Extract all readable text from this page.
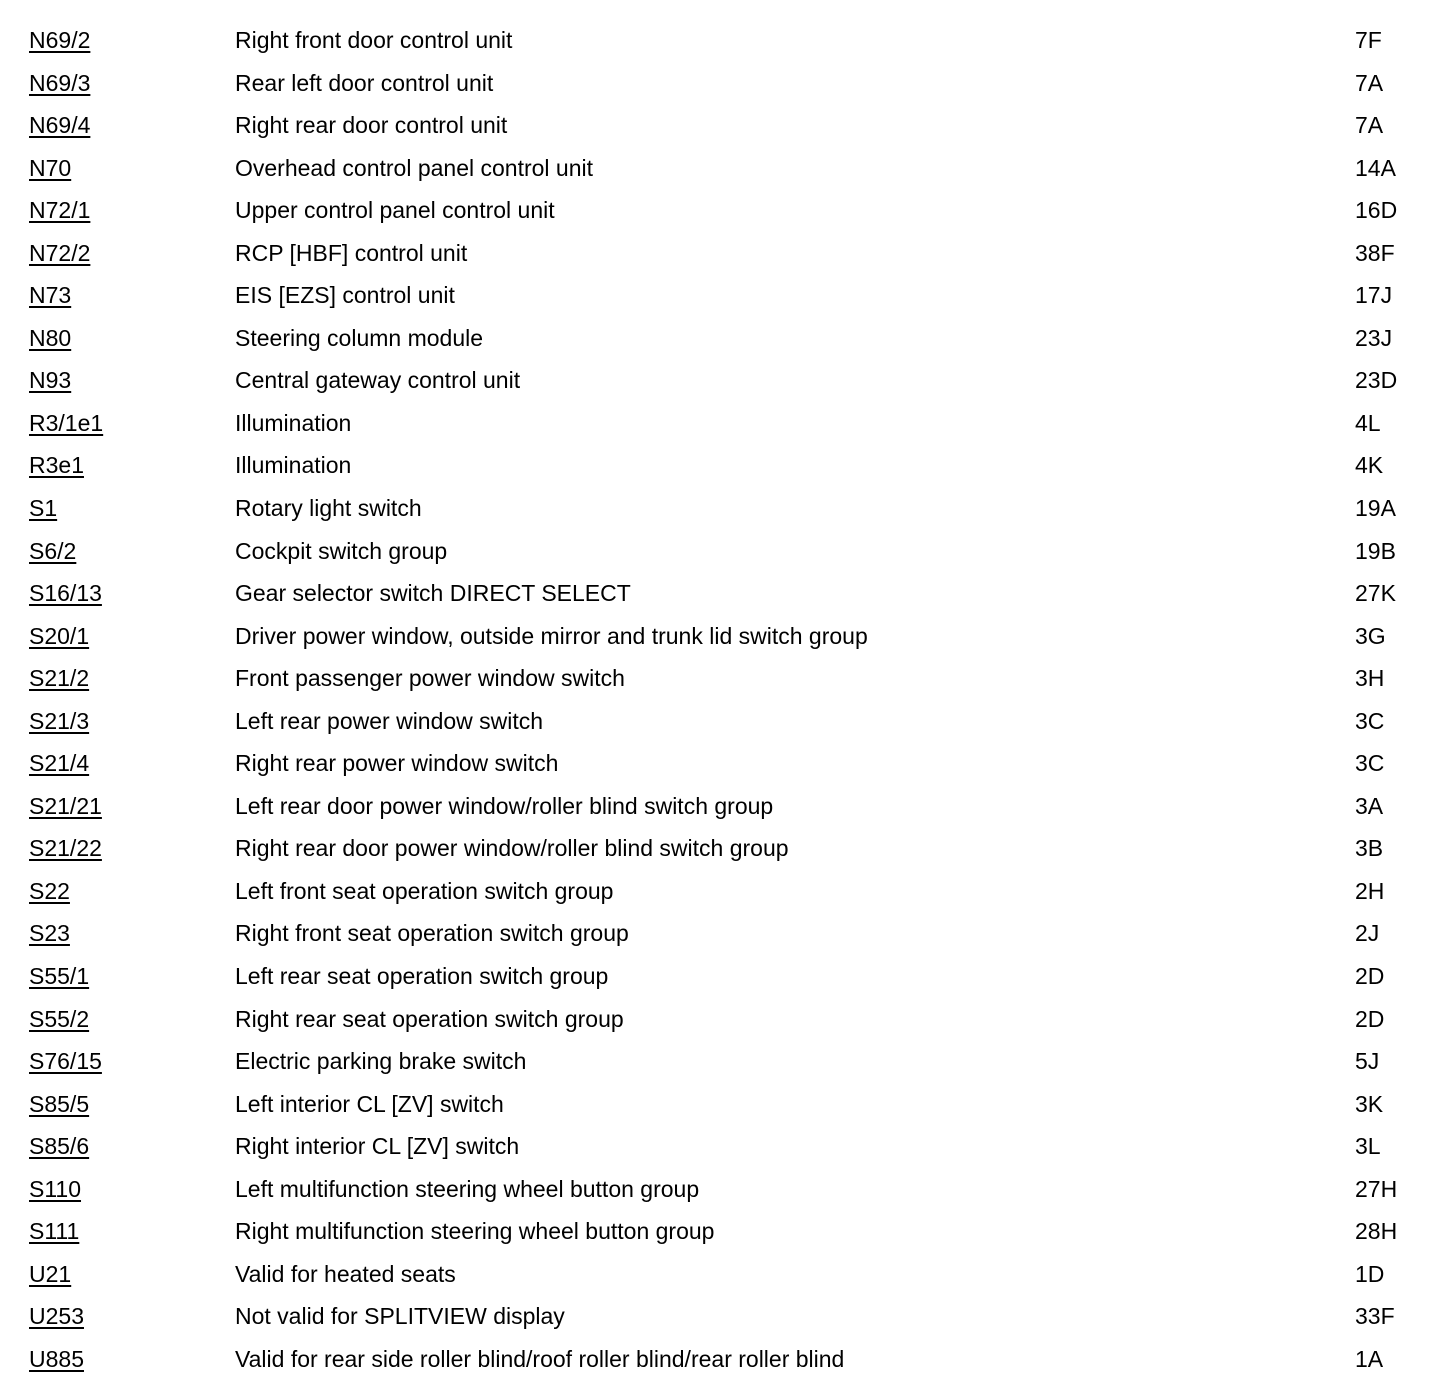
N69/2	Right front door control unit	7F
N69/3	Rear left door control unit	7A
N69/4	Right rear door control unit	7A
N70	Overhead control panel control unit	14A
N72/1	Upper control panel control unit	16D
N72/2	RCP [HBF] control unit	38F
N73	EIS [EZS] control unit	17J
N80	Steering column module	23J
N93	Central gateway control unit	23D
R3/1e1	Illumination	4L
R3e1	Illumination	4K
S1	Rotary light switch	19A
S6/2	Cockpit switch group	19B
S16/13	Gear selector switch DIRECT SELECT	27K
S20/1	Driver power window, outside mirror and trunk lid switch group	3G
S21/2	Front passenger power window switch	3H
S21/3	Left rear power window switch	3C
S21/4	Right rear power window switch	3C
S21/21	Left rear door power window/roller blind switch group	3A
S21/22	Right rear door power window/roller blind switch group	3B
S22	Left front seat operation switch group	2H
S23	Right front seat operation switch group	2J
S55/1	Left rear seat operation switch group	2D
S55/2	Right rear seat operation switch group	2D
S76/15	Electric parking brake switch	5J
S85/5	Left interior CL [ZV] switch	3K
S85/6	Right interior CL [ZV] switch	3L
S110	Left multifunction steering wheel button group	27H
S111	Right multifunction steering wheel button group	28H
U21	Valid for heated seats	1D
U253	Not valid for SPLITVIEW display	33F
U885	Valid for rear side roller blind/roof roller blind/rear roller blind	1A
